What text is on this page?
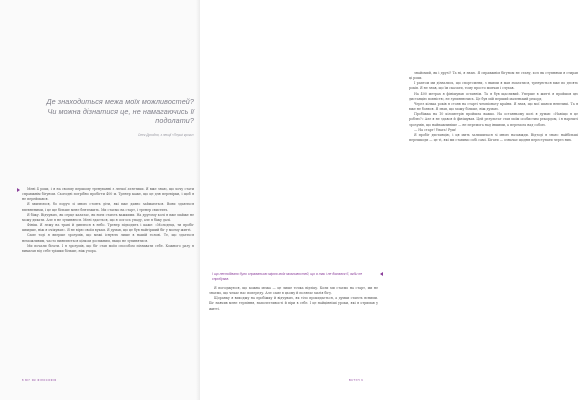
Де знаходиться межа моїх можливостей? Чи можна дізнатися це, не намагаючись її подолати?
Олег Дроздов, з лекції «Перші кроки»

Мені 4 роки, і я на своєму першому тренуванні з легкої атлетики. Я вже знаю, що хочу стати справжнім бігуном. Сьогодні потрібно пробігти 400 м. Тренер каже, що це для перевірки, і щоб я не переймався.

Я хвилююся, бо поруч зі мною стоять діти, які вже давно займаються. Вони здаються впевненими, і це ще більше мене бентежить. Ми стаємо на старт, і тренер свистить.

Я біжу. Відчуваю, як серце калатає, як ноги стають важкими. На другому колі я вже майже не можу дихати. Але я не зупиняюся. Мені здається, що я ось-ось упаду, але я біжу далі.

Фініш. Я лежу на траві й дивлюся в небо. Тренер підходить і каже: «Молодець, ти пробіг швидше, ніж я очікував». Я не вірю своїм вухам. Я думав, що це був найгірший біг у моєму житті.

Саме тоді я вперше зрозумів, що межі існують лише в нашій голові. Те, що здається неможливим, часто виявляється цілком досяжним, якщо не зупинятися.

Ми почали бігати. І я зрозумів, що біг став моїм способом пізнавати себе. Кожного разу я вимагав від себе трішки більше, ніж учора.

8 БІГ ЯК ФІЛОСОФІЯ

знайомий, як і друзі? Та ні, я знаю. Я справжнім бігуном не стану, хоч як ступнями я стирав ці роки.

І раптом ми дізнались, що спортсмени, з якими я мав змагатися, тренуються вже по десять років. Я не знав, що їм сказати, тому просто мовчав і слухав.

На 400 метрах я фінішував останнім. Та я був щасливий. Уперше в житті я пройшов цю дистанцію повністю, не зупиняючись. Це був мій перший маленький рекорд.

Через кілька років я стояв на старті чемпіонату країни. Я знав, що мої шанси невеликі. Та я вже не боявся. Я знав, що можу більше, ніж думаю.

Пробіжка на 10 кілометрів пройшла важко. На останньому колі я думав: «Навіщо я це роблю?» Але я не здався й фінішував. Цей результат став моїм особистим рекордом, і я нарешті зрозумів, що найважливіше — не перемога над іншими, а перемога над собою.

— На старт! Увага! Руш!

Я пробіг дистанцію, і ця мить залишилася зі мною назавжди. Відтоді я знаю: найбільші перешкоди — це ті, які ми ставимо собі самі. Бігати — означає щодня переступати через них.

І що несподівано було справжньою мірою моїх можливостей, що я так і не дізнався б, якби не спробував.

Я погоджуюся, що кожна межа — це лише точка відліку. Коли ми стаємо на старт, ми не знаємо, що чекає нас попереду. Але саме в цьому й полягає магія бігу.

Щоранку я виходжу на пробіжку й відчуваю, як тіло прокидається, а думки стають ясними. Біг навчив мене терпіння, наполегливості й віри в себе. І це найцінніші уроки, які я отримав у житті.

ВСТУП 9
